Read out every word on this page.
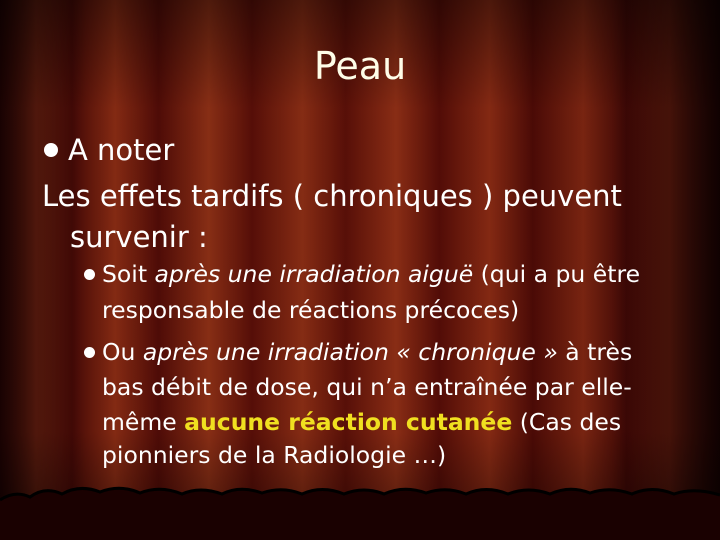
Peau
A noter
Les effets tardifs ( chroniques ) peuvent
survenir :
Soit après une irradiation aiguë (qui a pu être
responsable de réactions précoces)
Ou après une irradiation « chronique » à très
bas débit de dose, qui n’a entraînée par elle-
même aucune réaction cutanée (Cas des
pionniers de la Radiologie …)
